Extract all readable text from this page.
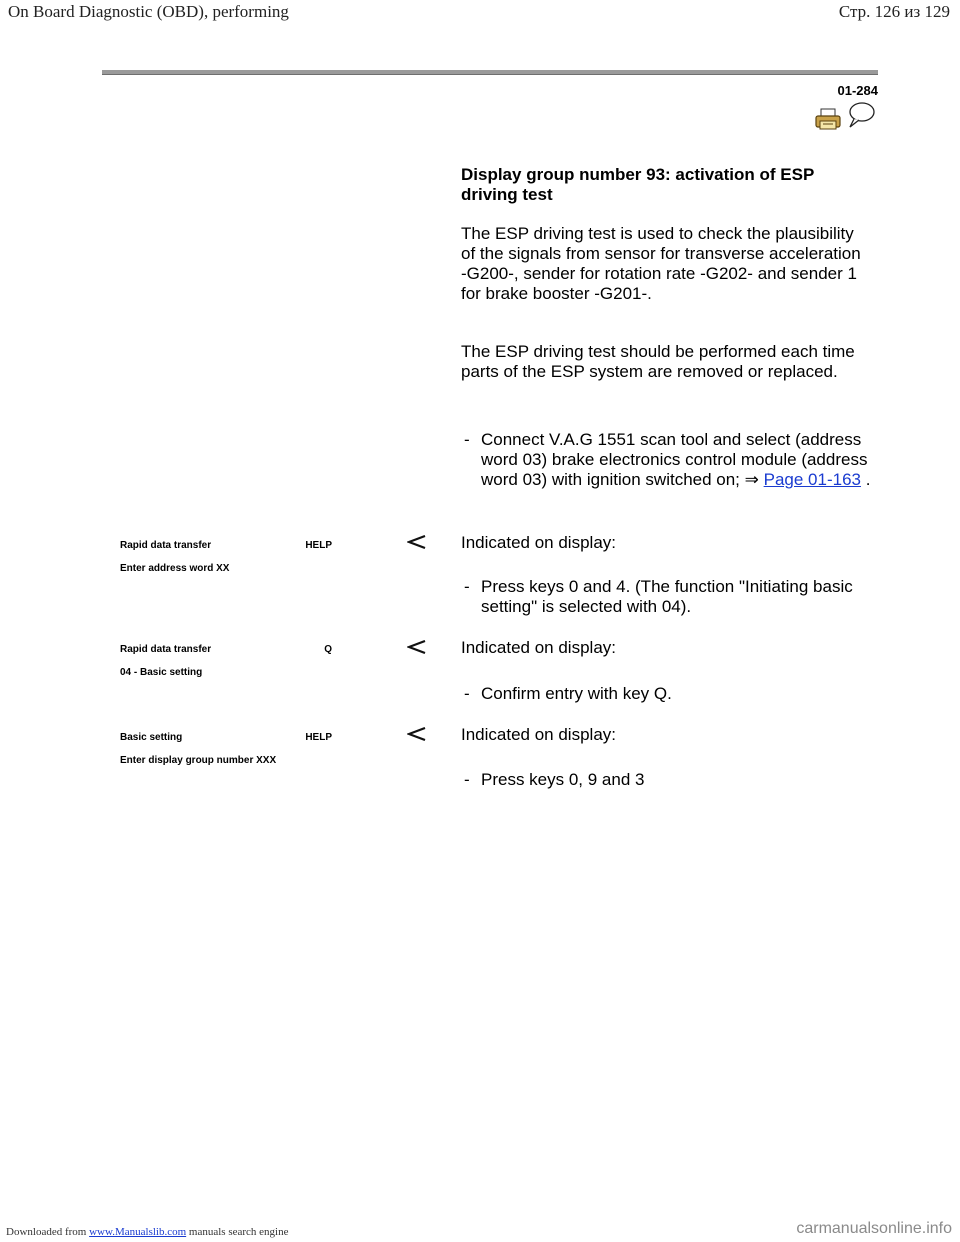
On Board Diagnostic (OBD), performing	Стр. 126 из 129
01-284
Display group number 93: activation of ESP driving test
The ESP driving test is used to check the plausibility of the signals from sensor for transverse acceleration -G200-, sender for rotation rate -G202- and sender 1 for brake booster -G201-.
The ESP driving test should be performed each time parts of the ESP system are removed or replaced.
- Connect V.A.G 1551 scan tool and select (address word 03) brake electronics control module (address word 03) with ignition switched on; ⇒ Page 01-163 .
Rapid data transfer	HELP
Enter address word XX
Indicated on display:
- Press keys 0 and 4. (The function "Initiating basic setting" is selected with 04).
Rapid data transfer	Q
04 - Basic setting
Indicated on display:
- Confirm entry with key Q.
Basic setting	HELP
Enter display group number XXX
Indicated on display:
- Press keys 0, 9 and 3
Downloaded from www.Manualslib.com manuals search engine	carmanualsonline.info
